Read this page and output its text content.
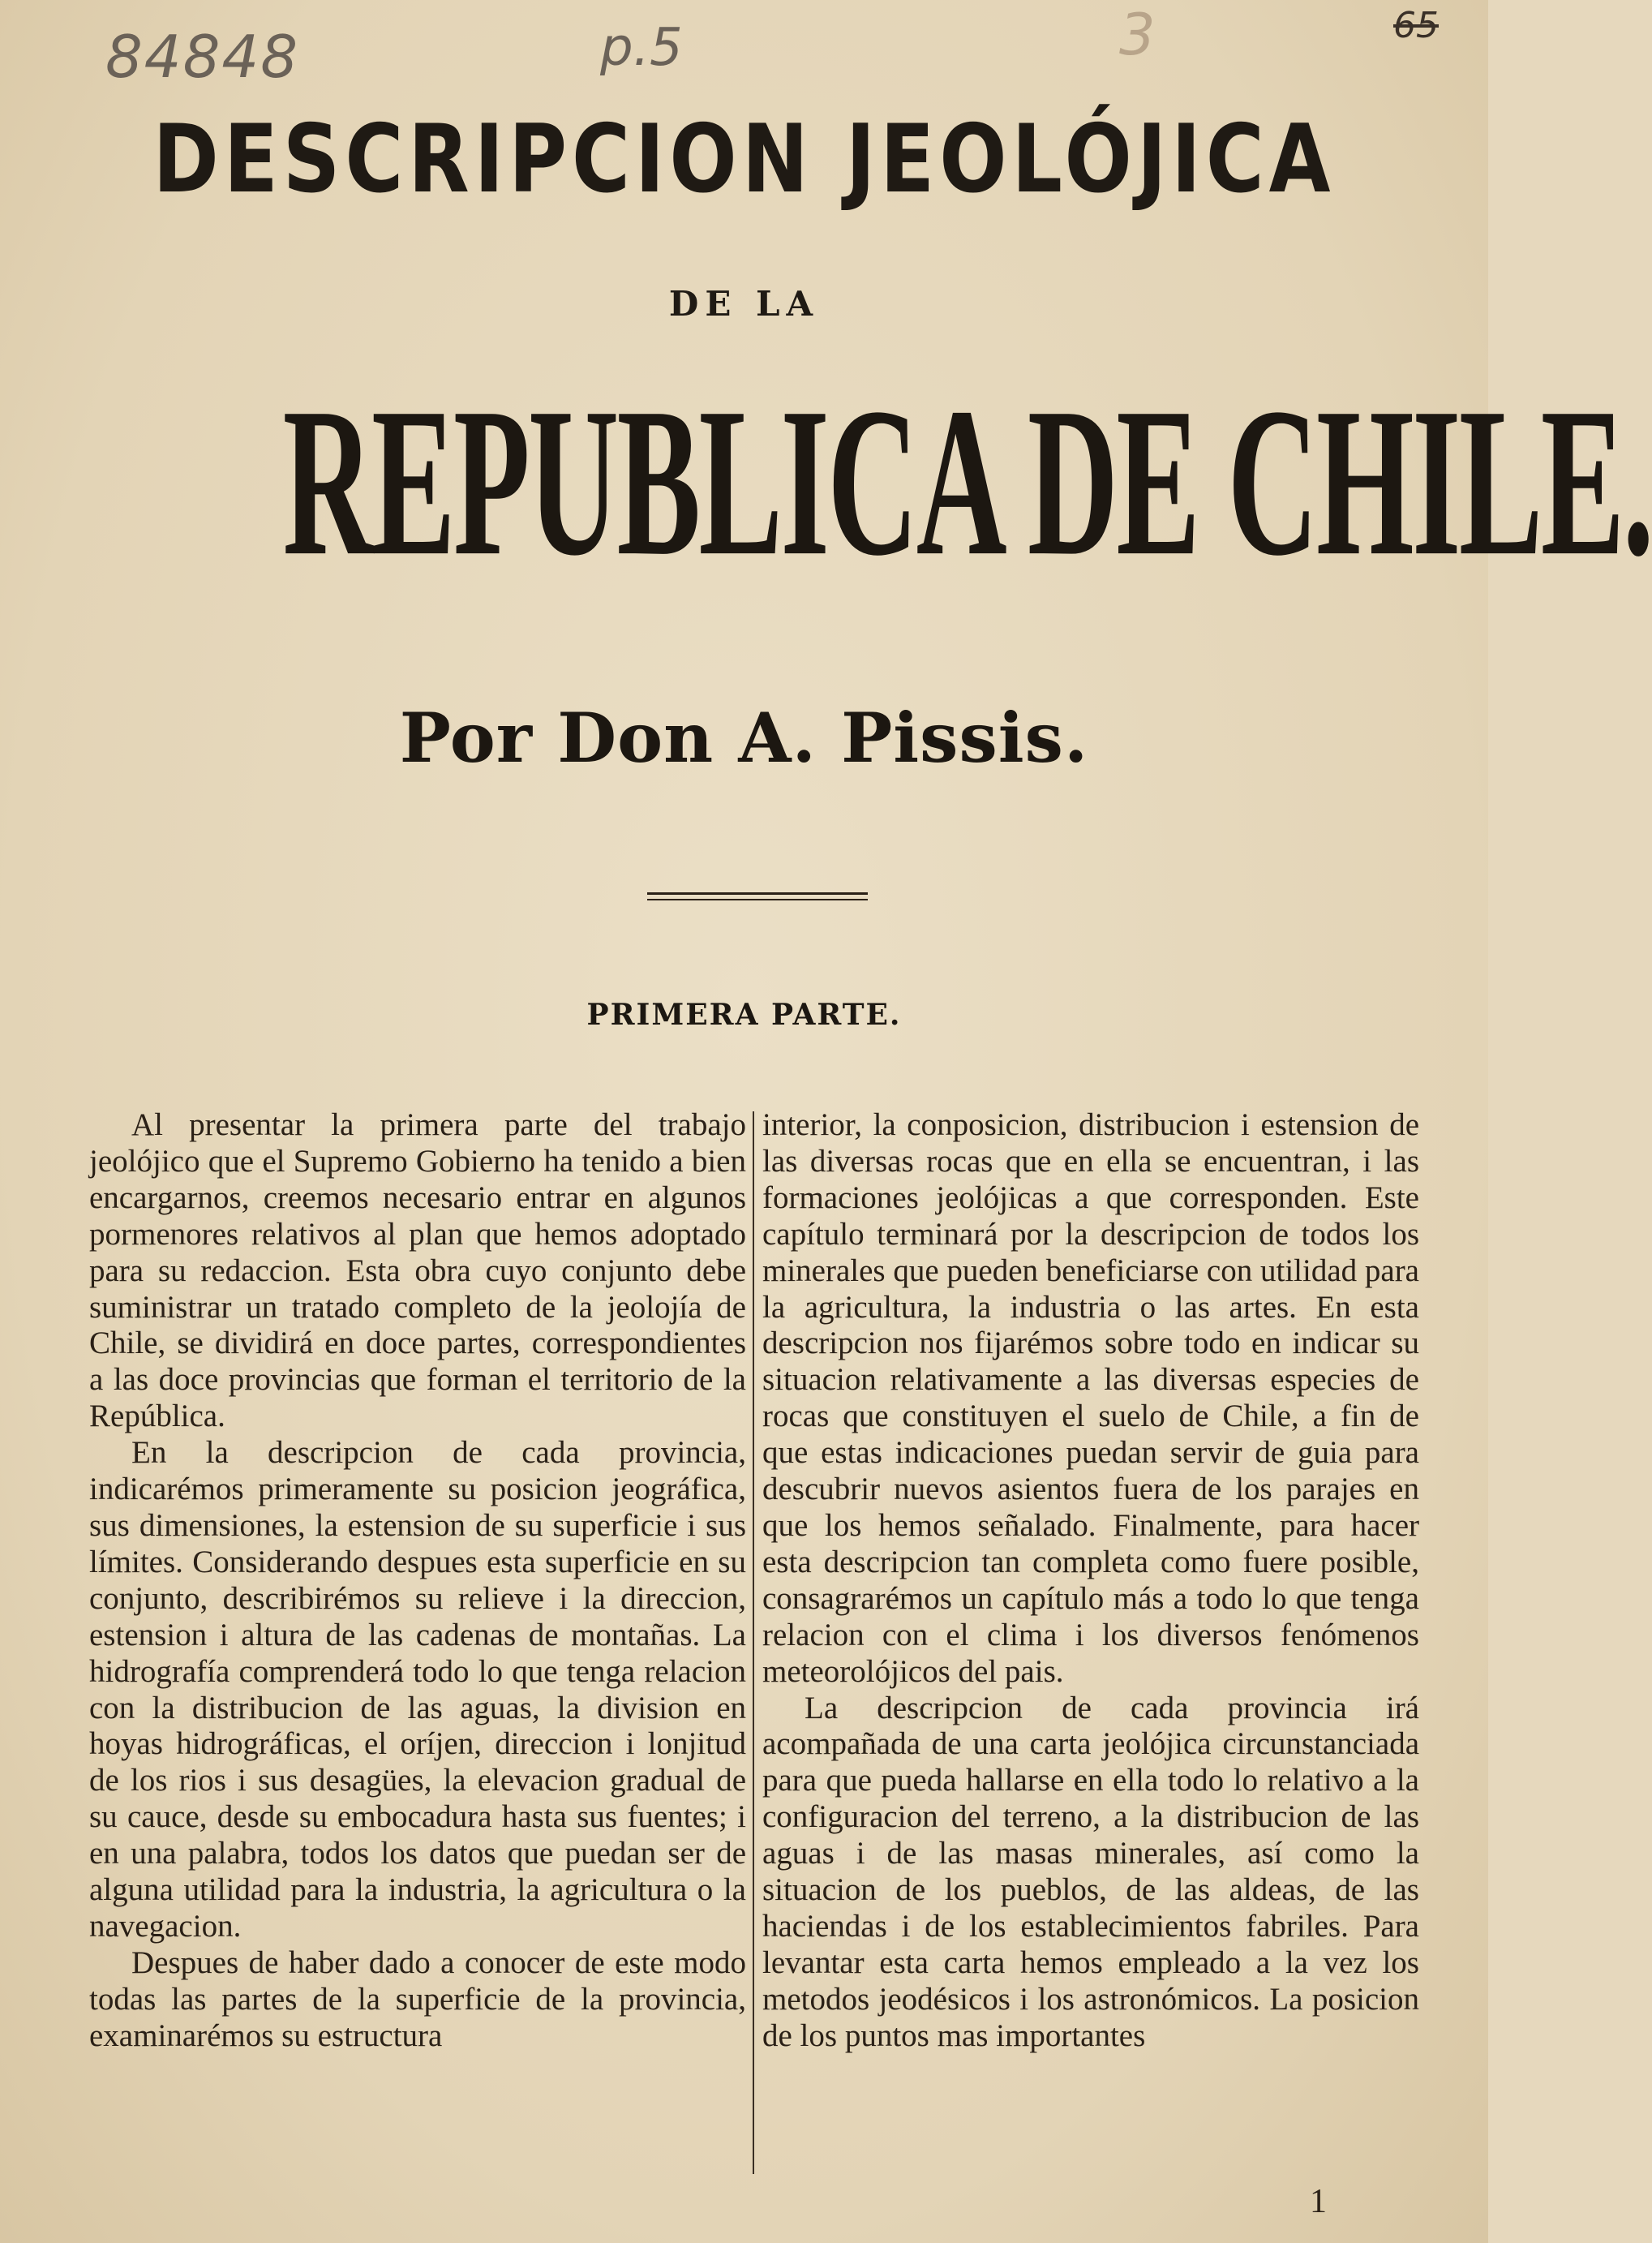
84848	p.5	3	65
DESCRIPCION JEOLÓJICA
DE LA
REPUBLICA DE CHILE.
Por Don A. Pissis.
PRIMERA PARTE.

Al presentar la primera parte del trabajo jeolójico que el Supremo Gobierno ha tenido a bien encargarnos, creemos necesario entrar en algunos pormenores relativos al plan que hemos adoptado para su redaccion. Esta obra cuyo conjunto debe suministrar un tratado completo de la jeolojía de Chile, se dividirá en doce partes, correspondientes a las doce provincias que forman el territorio de la República.

En la descripcion de cada provincia, indicarémos primeramente su posicion jeográfica, sus dimensiones, la estension de su superficie i sus límites. Considerando despues esta superficie en su conjunto, describirémos su relieve i la direccion, estension i altura de las cadenas de montañas. La hidrografía comprenderá todo lo que tenga relacion con la distribucion de las aguas, la division en hoyas hidrográficas, el oríjen, direccion i lonjitud de los rios i sus desagües, la elevacion gradual de su cauce, desde su embocadura hasta sus fuentes; i en una palabra, todos los datos que puedan ser de alguna utilidad para la industria, la agricultura o la navegacion.

Despues de haber dado a conocer de este modo todas las partes de la superficie de la provincia, examinarémos su estructura

interior, la conposicion, distribucion i estension de las diversas rocas que en ella se encuentran, i las formaciones jeolójicas a que corresponden. Este capítulo terminará por la descripcion de todos los minerales que pueden beneficiarse con utilidad para la agricultura, la industria o las artes. En esta descripcion nos fijarémos sobre todo en indicar su situacion relativamente a las diversas especies de rocas que constituyen el suelo de Chile, a fin de que estas indicaciones puedan servir de guia para descubrir nuevos asientos fuera de los parajes en que los hemos señalado. Finalmente, para hacer esta descripcion tan completa como fuere posible, consagrarémos un capítulo más a todo lo que tenga relacion con el clima i los diversos fenómenos meteorolójicos del pais.

La descripcion de cada provincia irá acompañada de una carta jeolójica circunstanciada para que pueda hallarse en ella todo lo relativo a la configuracion del terreno, a la distribucion de las aguas i de las masas minerales, así como la situacion de los pueblos, de las aldeas, de las haciendas i de los establecimientos fabriles. Para levantar esta carta hemos empleado a la vez los metodos jeodésicos i los astronómicos. La posicion de los puntos mas importantes

1
